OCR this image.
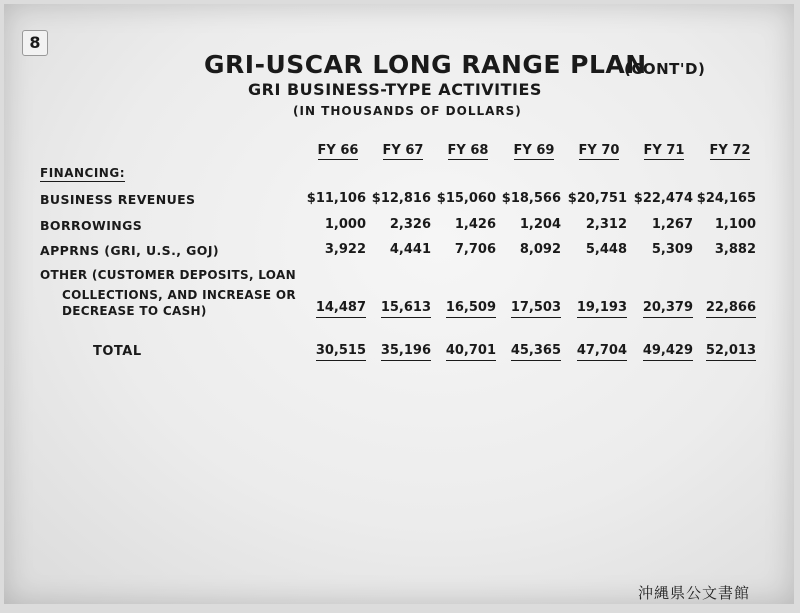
8
GRI-USCAR LONG RANGE PLAN
(CONT'D)
GRI BUSINESS-TYPE ACTIVITIES
(IN THOUSANDS OF DOLLARS)
FY 66	FY 67	FY 68	FY 69	FY 70	FY 71	FY 72
FINANCING:
BUSINESS REVENUES	$11,106 $12,816 $15,060 $18,566 $20,751 $22,474 $24,165
BORROWINGS	1,000	2,326	1,426	1,204	2,312	1,267	1,100
APPRNS (GRI, U.S., GOJ)	3,922	4,441	7,706	8,092	5,448	5,309	3,882
OTHER (CUSTOMER DEPOSITS, LOAN
COLLECTIONS, AND INCREASE OR
DECREASE TO CASH)	14,487	15,613	16,509	17,503	19,193	20,379 22,866
TOTAL	30,515	35,196	40,701	45,365	47,704	49,429 52,013
沖縄県公文書館
